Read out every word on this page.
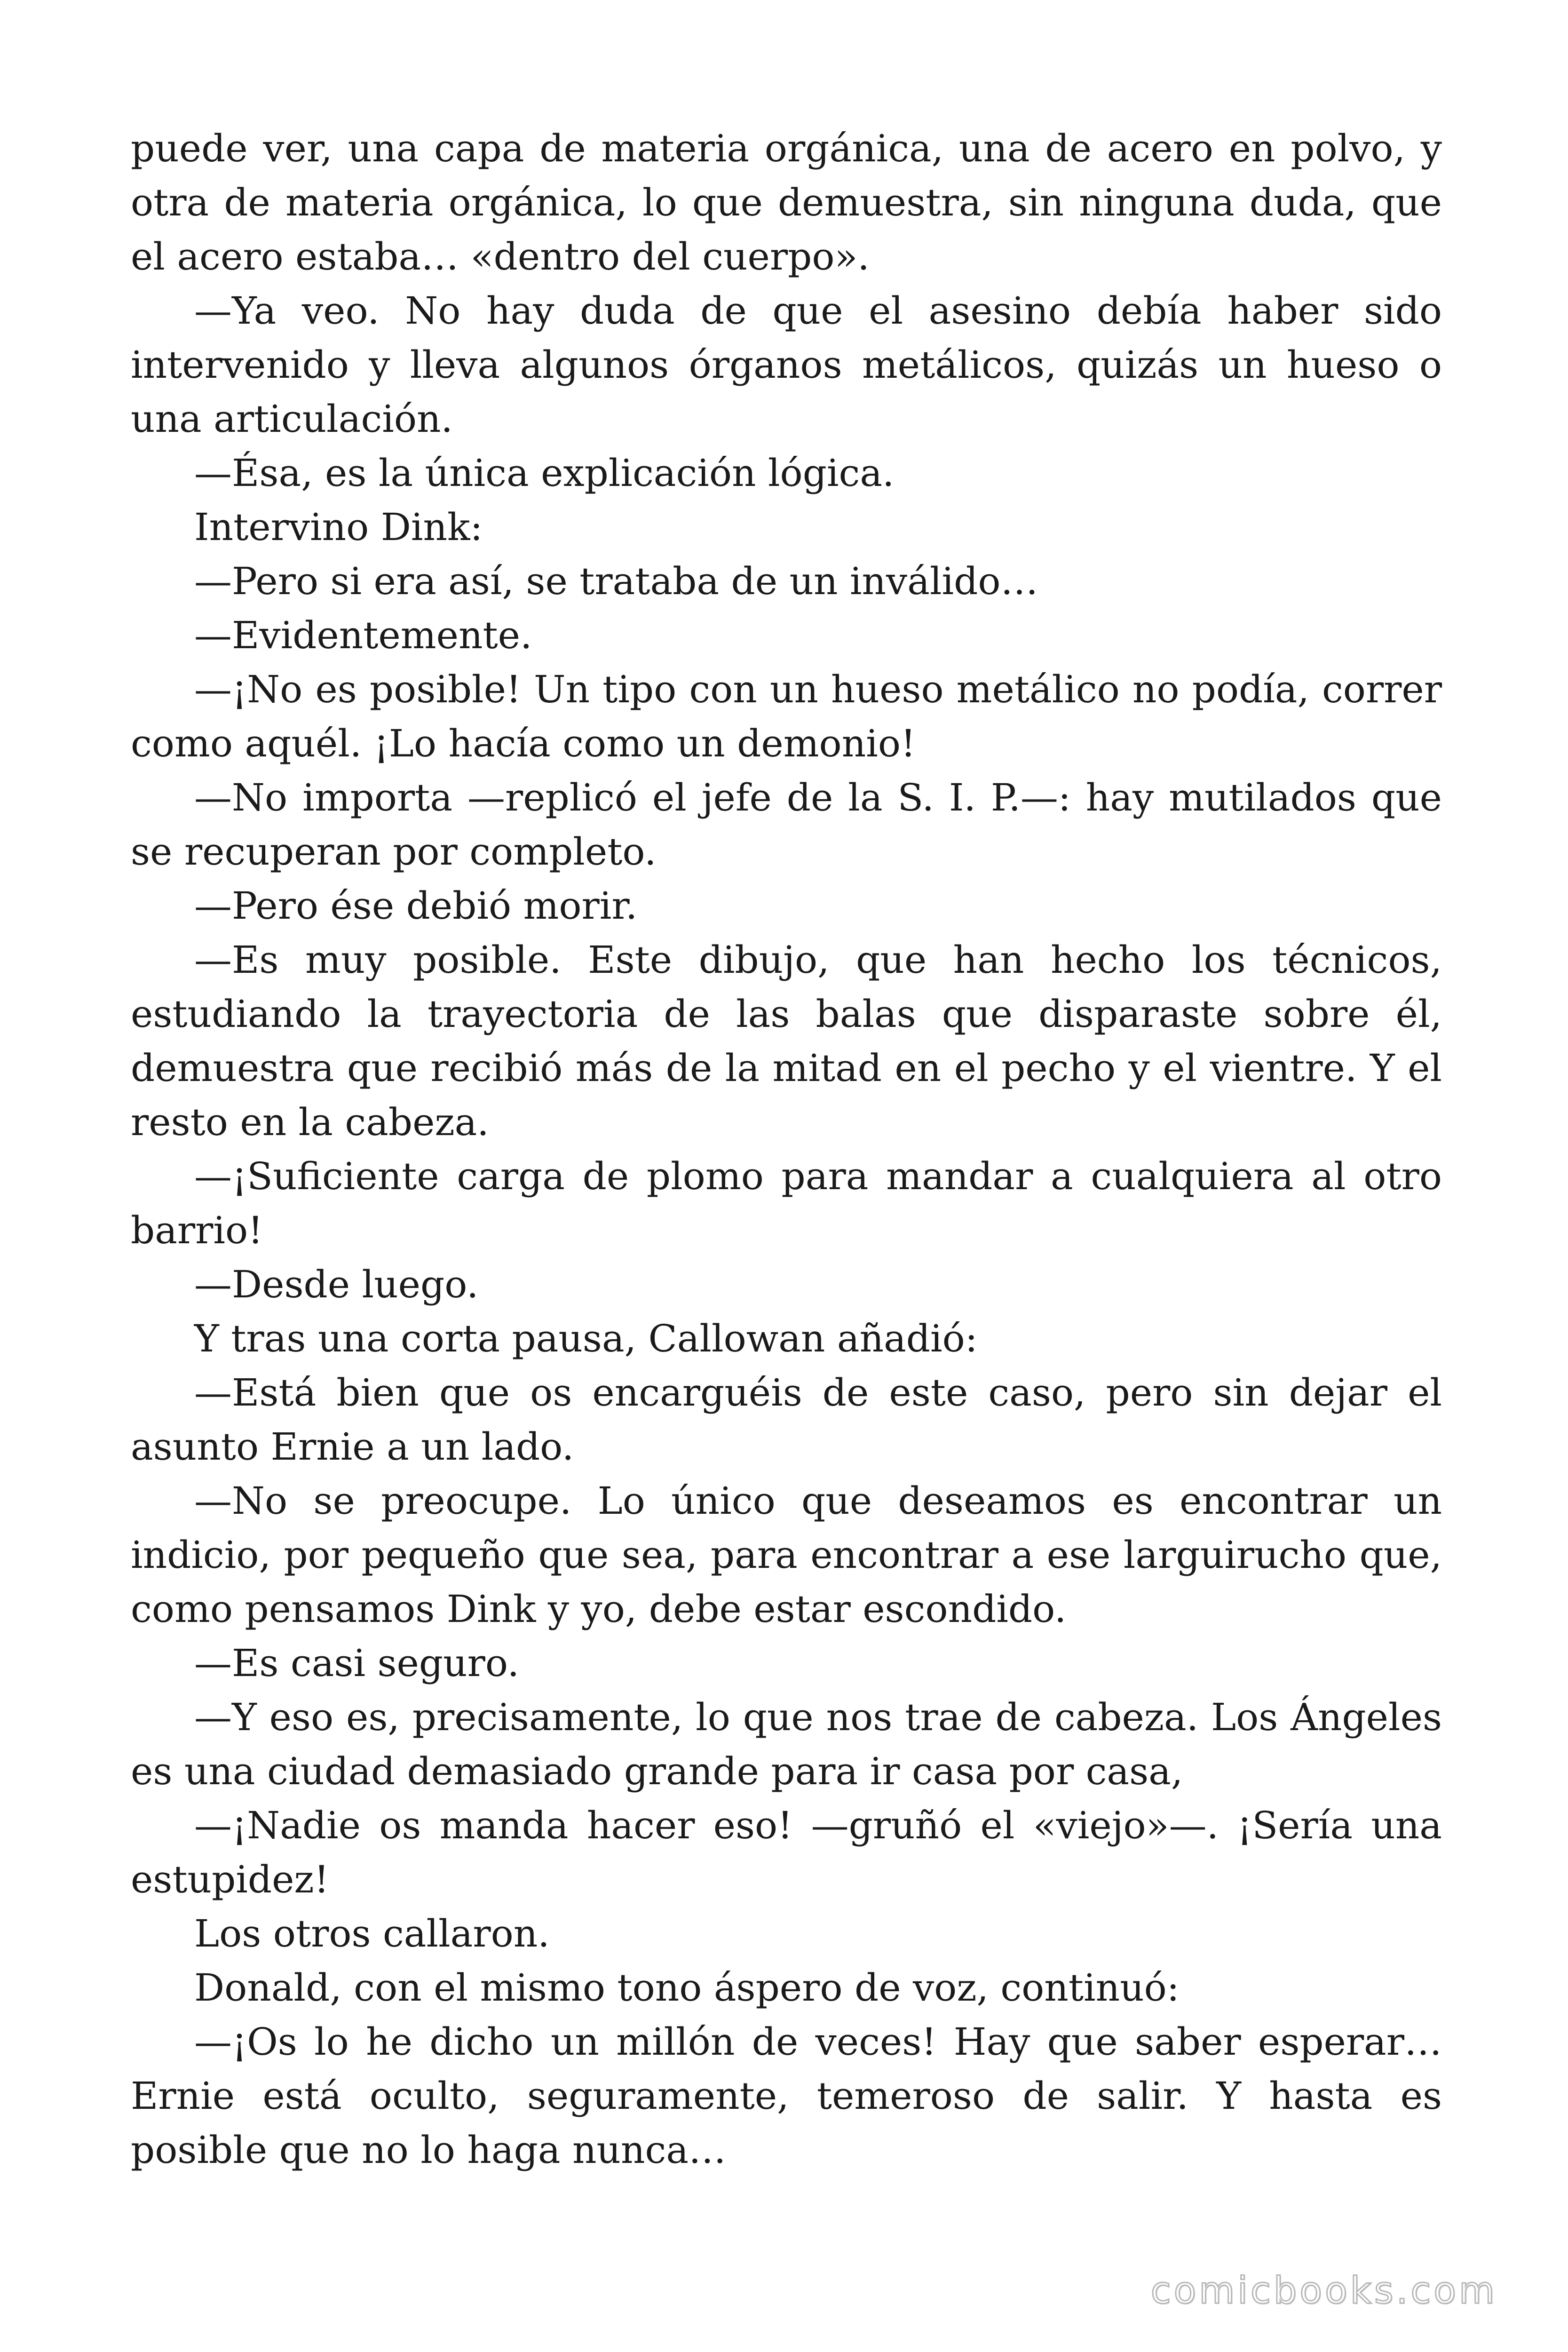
puede ver, una capa de materia orgánica, una de acero en polvo, y otra de materia orgánica, lo que demuestra, sin ninguna duda, que el acero estaba… «dentro del cuerpo».

—Ya veo. No hay duda de que el asesino debía haber sido intervenido y lleva algunos órganos metálicos, quizás un hueso o una articulación.

—Ésa, es la única explicación lógica.

Intervino Dink:

—Pero si era así, se trataba de un inválido…

—Evidentemente.

—¡No es posible! Un tipo con un hueso metálico no podía, correr como aquél. ¡Lo hacía como un demonio!

—No importa —replicó el jefe de la S. I. P.—: hay mutilados que se recuperan por completo.

—Pero ése debió morir.

—Es muy posible. Este dibujo, que han hecho los técnicos, estudiando la trayectoria de las balas que disparaste sobre él, demuestra que recibió más de la mitad en el pecho y el vientre. Y el resto en la cabeza.

—¡Suficiente carga de plomo para mandar a cualquiera al otro barrio!

—Desde luego.

Y tras una corta pausa, Callowan añadió:

—Está bien que os encarguéis de este caso, pero sin dejar el asunto Ernie a un lado.

—No se preocupe. Lo único que deseamos es encontrar un indicio, por pequeño que sea, para encontrar a ese larguirucho que, como pensamos Dink y yo, debe estar escondido.

—Es casi seguro.

—Y eso es, precisamente, lo que nos trae de cabeza. Los Ángeles es una ciudad demasiado grande para ir casa por casa,

—¡Nadie os manda hacer eso! —gruñó el «viejo»—. ¡Sería una estupidez!

Los otros callaron.

Donald, con el mismo tono áspero de voz, continuó:

—¡Os lo he dicho un millón de veces! Hay que saber esperar… Ernie está oculto, seguramente, temeroso de salir. Y hasta es posible que no lo haga nunca…

comicbooks.com
